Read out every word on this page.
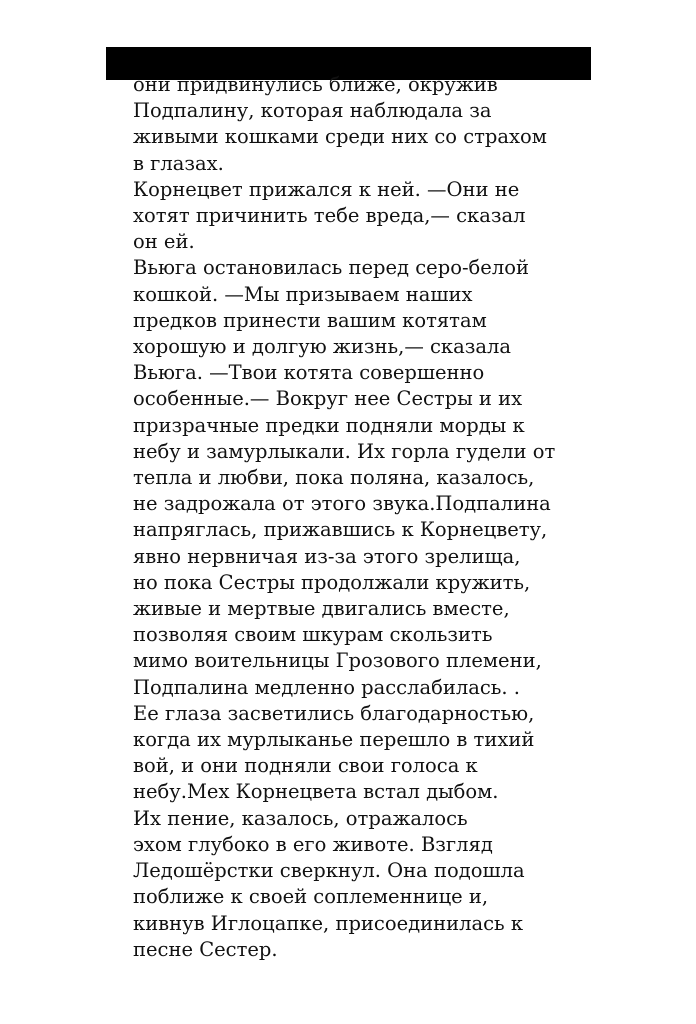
они придвинулись ближе, окружив
Подпалину, которая наблюдала за
живыми кошками среди них со страхом
в глазах.
Корнецвет прижался к ней. —Они не
хотят причинить тебе вреда,— сказал
он ей.
Вьюга остановилась перед серо-белой
кошкой. —Мы призываем наших
предков принести вашим котятам
хорошую и долгую жизнь,— сказала
Вьюга. —Твои котята совершенно
особенные.— Вокруг нее Сестры и их
призрачные предки подняли морды к
небу и замурлыкали. Их горла гудели от
тепла и любви, пока поляна, казалось,
не задрожала от этого звука.Подпалина
напряглась, прижавшись к Корнецвету,
явно нервничая из-за этого зрелища,
но пока Сестры продолжали кружить,
живые и мертвые двигались вместе,
позволяя своим шкурам скользить
мимо воительницы Грозового племени,
Подпалина медленно расслабилась. .
Ее глаза засветились благодарностью,
когда их мурлыканье перешло в тихий
вой, и они подняли свои голоса к
небу.Мех Корнецвета встал дыбом.
Их пение, казалось, отражалось
эхом глубоко в его животе. Взгляд
Ледошёрстки сверкнул. Она подошла
поближе к своей соплеменнице и,
кивнув Иглоцапке, присоединилась к
песне Сестер.
